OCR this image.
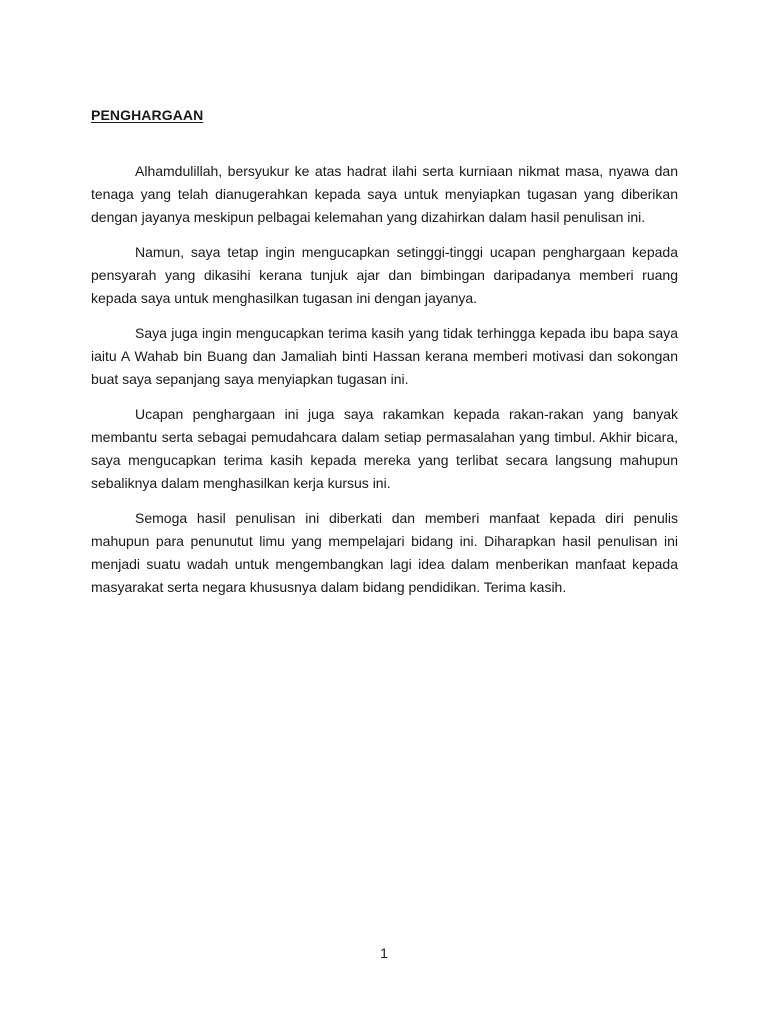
PENGHARGAAN

Alhamdulillah, bersyukur ke atas hadrat ilahi serta kurniaan nikmat masa, nyawa dan tenaga yang telah dianugerahkan kepada saya untuk menyiapkan tugasan yang diberikan dengan jayanya meskipun pelbagai kelemahan yang dizahirkan dalam hasil penulisan ini.

Namun, saya tetap ingin mengucapkan setinggi-tinggi ucapan penghargaan kepada pensyarah yang dikasihi kerana tunjuk ajar dan bimbingan daripadanya memberi ruang kepada saya untuk menghasilkan tugasan ini dengan jayanya.

Saya juga ingin mengucapkan terima kasih yang tidak terhingga kepada ibu bapa saya iaitu A Wahab bin Buang dan Jamaliah binti Hassan kerana memberi motivasi dan sokongan buat saya sepanjang saya menyiapkan tugasan ini.

Ucapan penghargaan ini juga saya rakamkan kepada rakan-rakan yang banyak membantu serta sebagai pemudahcara dalam setiap permasalahan yang timbul. Akhir bicara, saya mengucapkan terima kasih kepada mereka yang terlibat secara langsung mahupun sebaliknya dalam menghasilkan kerja kursus ini.

Semoga hasil penulisan ini diberkati dan memberi manfaat kepada diri penulis mahupun para penunutut limu yang mempelajari bidang ini. Diharapkan hasil penulisan ini menjadi suatu wadah untuk mengembangkan lagi idea dalam menberikan manfaat kepada masyarakat serta negara khususnya dalam bidang pendidikan. Terima kasih.

1
